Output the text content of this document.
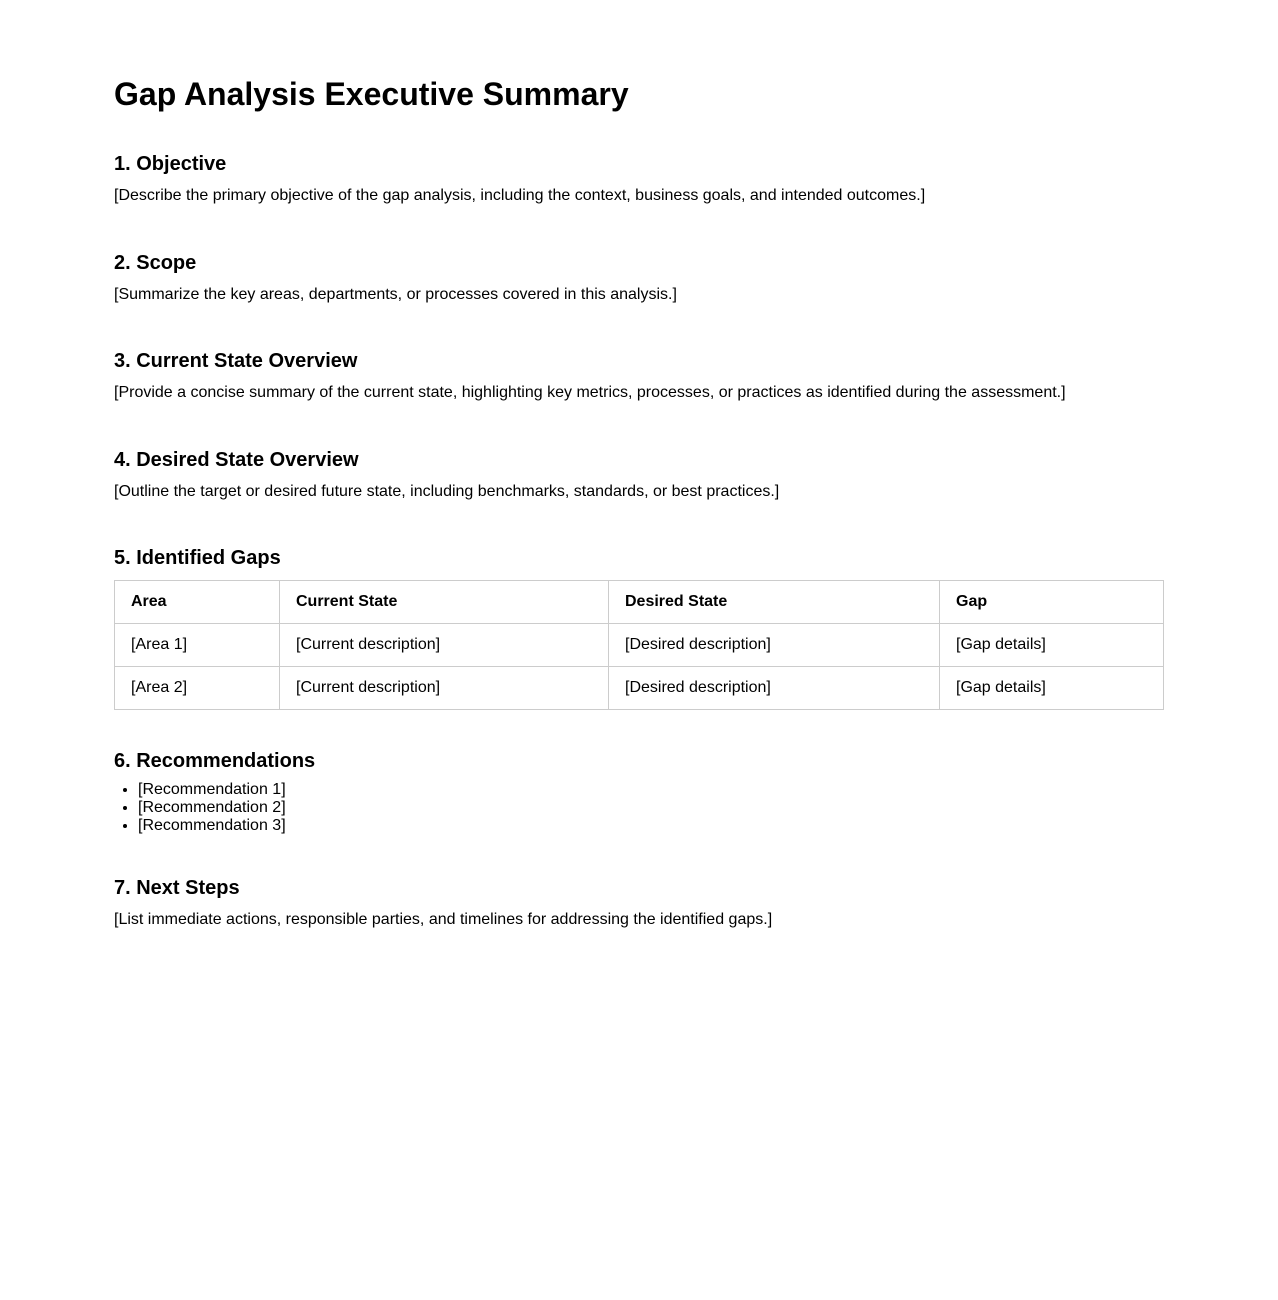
Gap Analysis Executive Summary
1. Objective

[Describe the primary objective of the gap analysis, including the context, business goals, and intended outcomes.]

2. Scope

[Summarize the key areas, departments, or processes covered in this analysis.]

3. Current State Overview

[Provide a concise summary of the current state, highlighting key metrics, processes, or practices as identified during the assessment.]

4. Desired State Overview

[Outline the target or desired future state, including benchmarks, standards, or best practices.]

5. Identified Gaps
Area	Current State	Desired State	Gap
[Area 1]	[Current description]	[Desired description]	[Gap details]
[Area 2]	[Current description]	[Desired description]	[Gap details]
6. Recommendations
• [Recommendation 1]
• [Recommendation 2]
• [Recommendation 3]
7. Next Steps

[List immediate actions, responsible parties, and timelines for addressing the identified gaps.]
